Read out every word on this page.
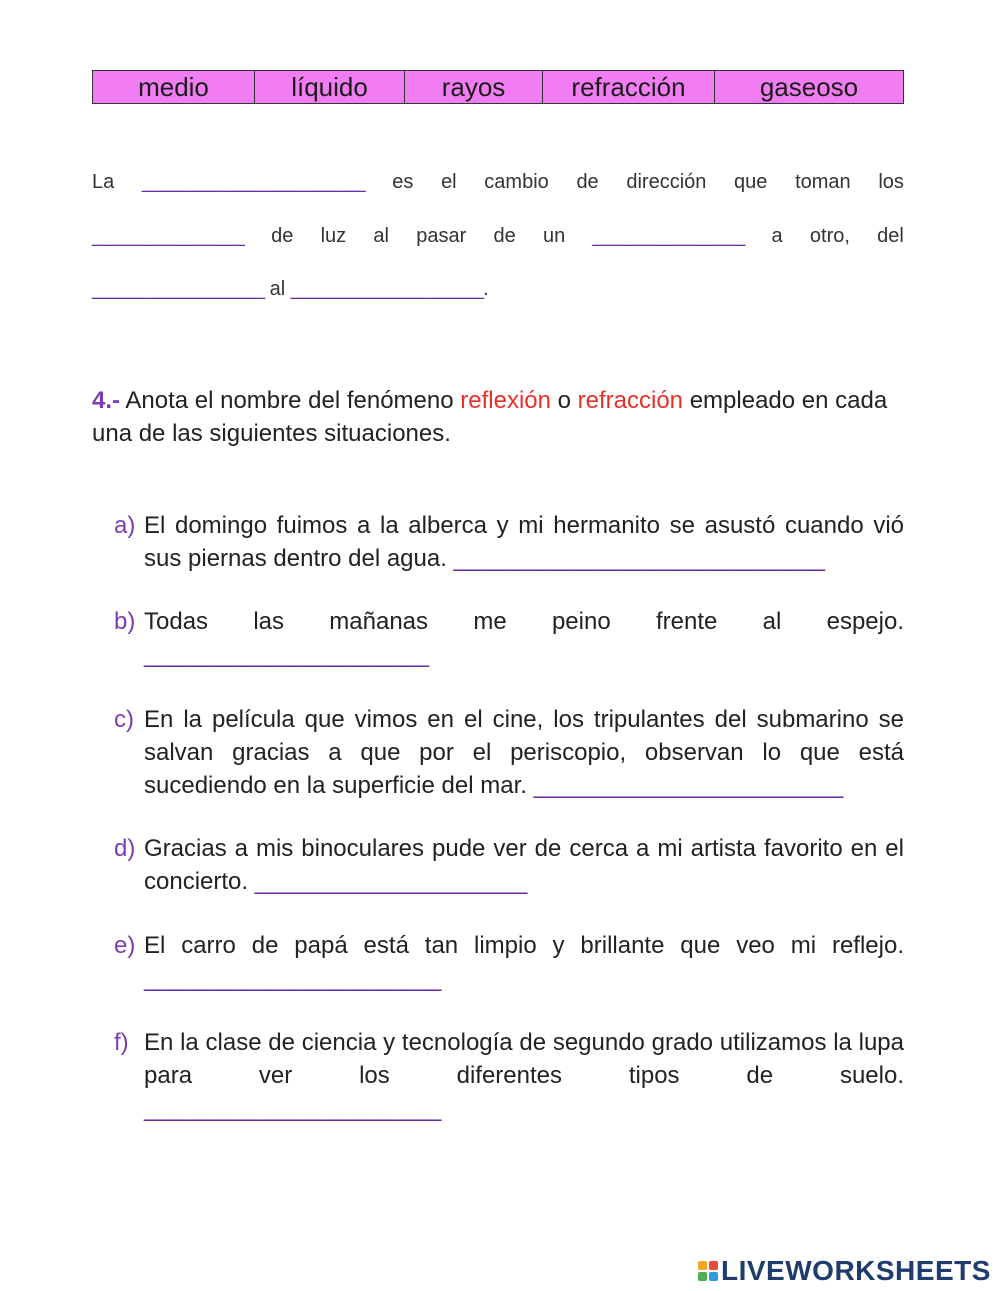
medio	líquido	rayos	refracción	gaseoso
La ______________________ es el cambio de dirección que toman los
_______________ de luz al pasar de un _______________ a otro, del
_________________ al ___________________ .
4.- Anota el nombre del fenómeno reflexión o refracción empleado en cada una de las siguientes situaciones.
a) El domingo fuimos a la alberca y mi hermanito se asustó cuando vió sus piernas dentro del agua. ______________________________
b) Todas las mañanas me peino frente al espejo.
_______________________
c) En la película que vimos en el cine, los tripulantes del submarino se salvan gracias a que por el periscopio, observan lo que está sucediendo en la superficie del mar. _________________________
d) Gracias a mis binoculares pude ver de cerca a mi artista favorito en el concierto. ______________________
e) El carro de papá está tan limpio y brillante que veo mi reflejo.
________________________
f) En la clase de ciencia y tecnología de segundo grado utilizamos la lupa para ver los diferentes tipos de suelo.
________________________
LIVEWORKSHEETS
